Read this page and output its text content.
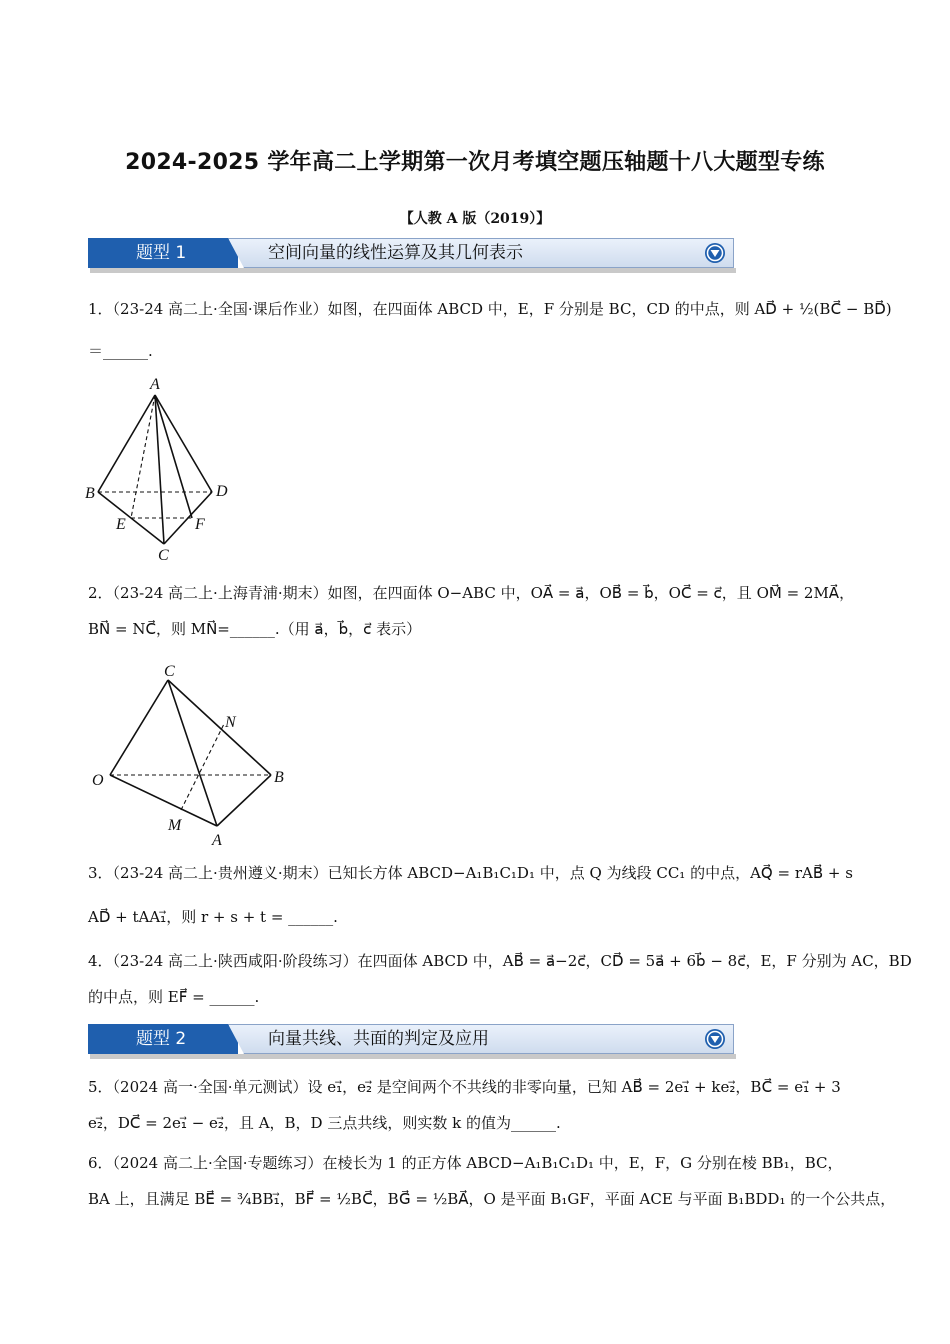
2024-2025 学年高二上学期第一次月考填空题压轴题十八大题型专练
【人教 A 版（2019）】
题型 1	空间向量的线性运算及其几何表示
1．（23-24 高二上·全国·课后作业）如图，在四面体 ABCD 中，E，F 分别是 BC，CD 的中点，则 AD⃗ + ½(BC⃗ − BD⃗)
＝______.
A
B	D
E	F
C
2．（23-24 高二上·上海青浦·期末）如图，在四面体 O−ABC 中，OA⃗ = a⃗，OB⃗ = b⃗，OC⃗ = c⃗，且 OM⃗ = 2MA⃗，
BN⃗ = NC⃗，则 MN⃗=______.（用 a⃗，b⃗，c⃗ 表示）
C
N
O	B
M
A
3．（23-24 高二上·贵州遵义·期末）已知长方体 ABCD−A₁B₁C₁D₁ 中，点 Q 为线段 CC₁ 的中点，AQ⃗ = rAB⃗ + s
AD⃗ + tAA₁⃗，则 r + s + t = ______.
4．（23-24 高二上·陕西咸阳·阶段练习）在四面体 ABCD 中，AB⃗ = a⃗−2c⃗，CD⃗ = 5a⃗ + 6b⃗ − 8c⃗，E，F 分别为 AC，BD
的中点，则 EF⃗ = ______.
题型 2	向量共线、共面的判定及应用
5．（2024 高一·全国·单元测试）设 e₁⃗，e₂⃗ 是空间两个不共线的非零向量，已知 AB⃗ = 2e₁⃗ + ke₂⃗，BC⃗ = e₁⃗ + 3
e₂⃗，DC⃗ = 2e₁⃗ − e₂⃗，且 A，B，D 三点共线，则实数 k 的值为______.
6．（2024 高二上·全国·专题练习）在棱长为 1 的正方体 ABCD−A₁B₁C₁D₁ 中，E，F，G 分别在棱 BB₁，BC，
BA 上，且满足 BE⃗ = ¾BB₁⃗，BF⃗ = ½BC⃗，BG⃗ = ½BA⃗，O 是平面 B₁GF，平面 ACE 与平面 B₁BDD₁ 的一个公共点，
